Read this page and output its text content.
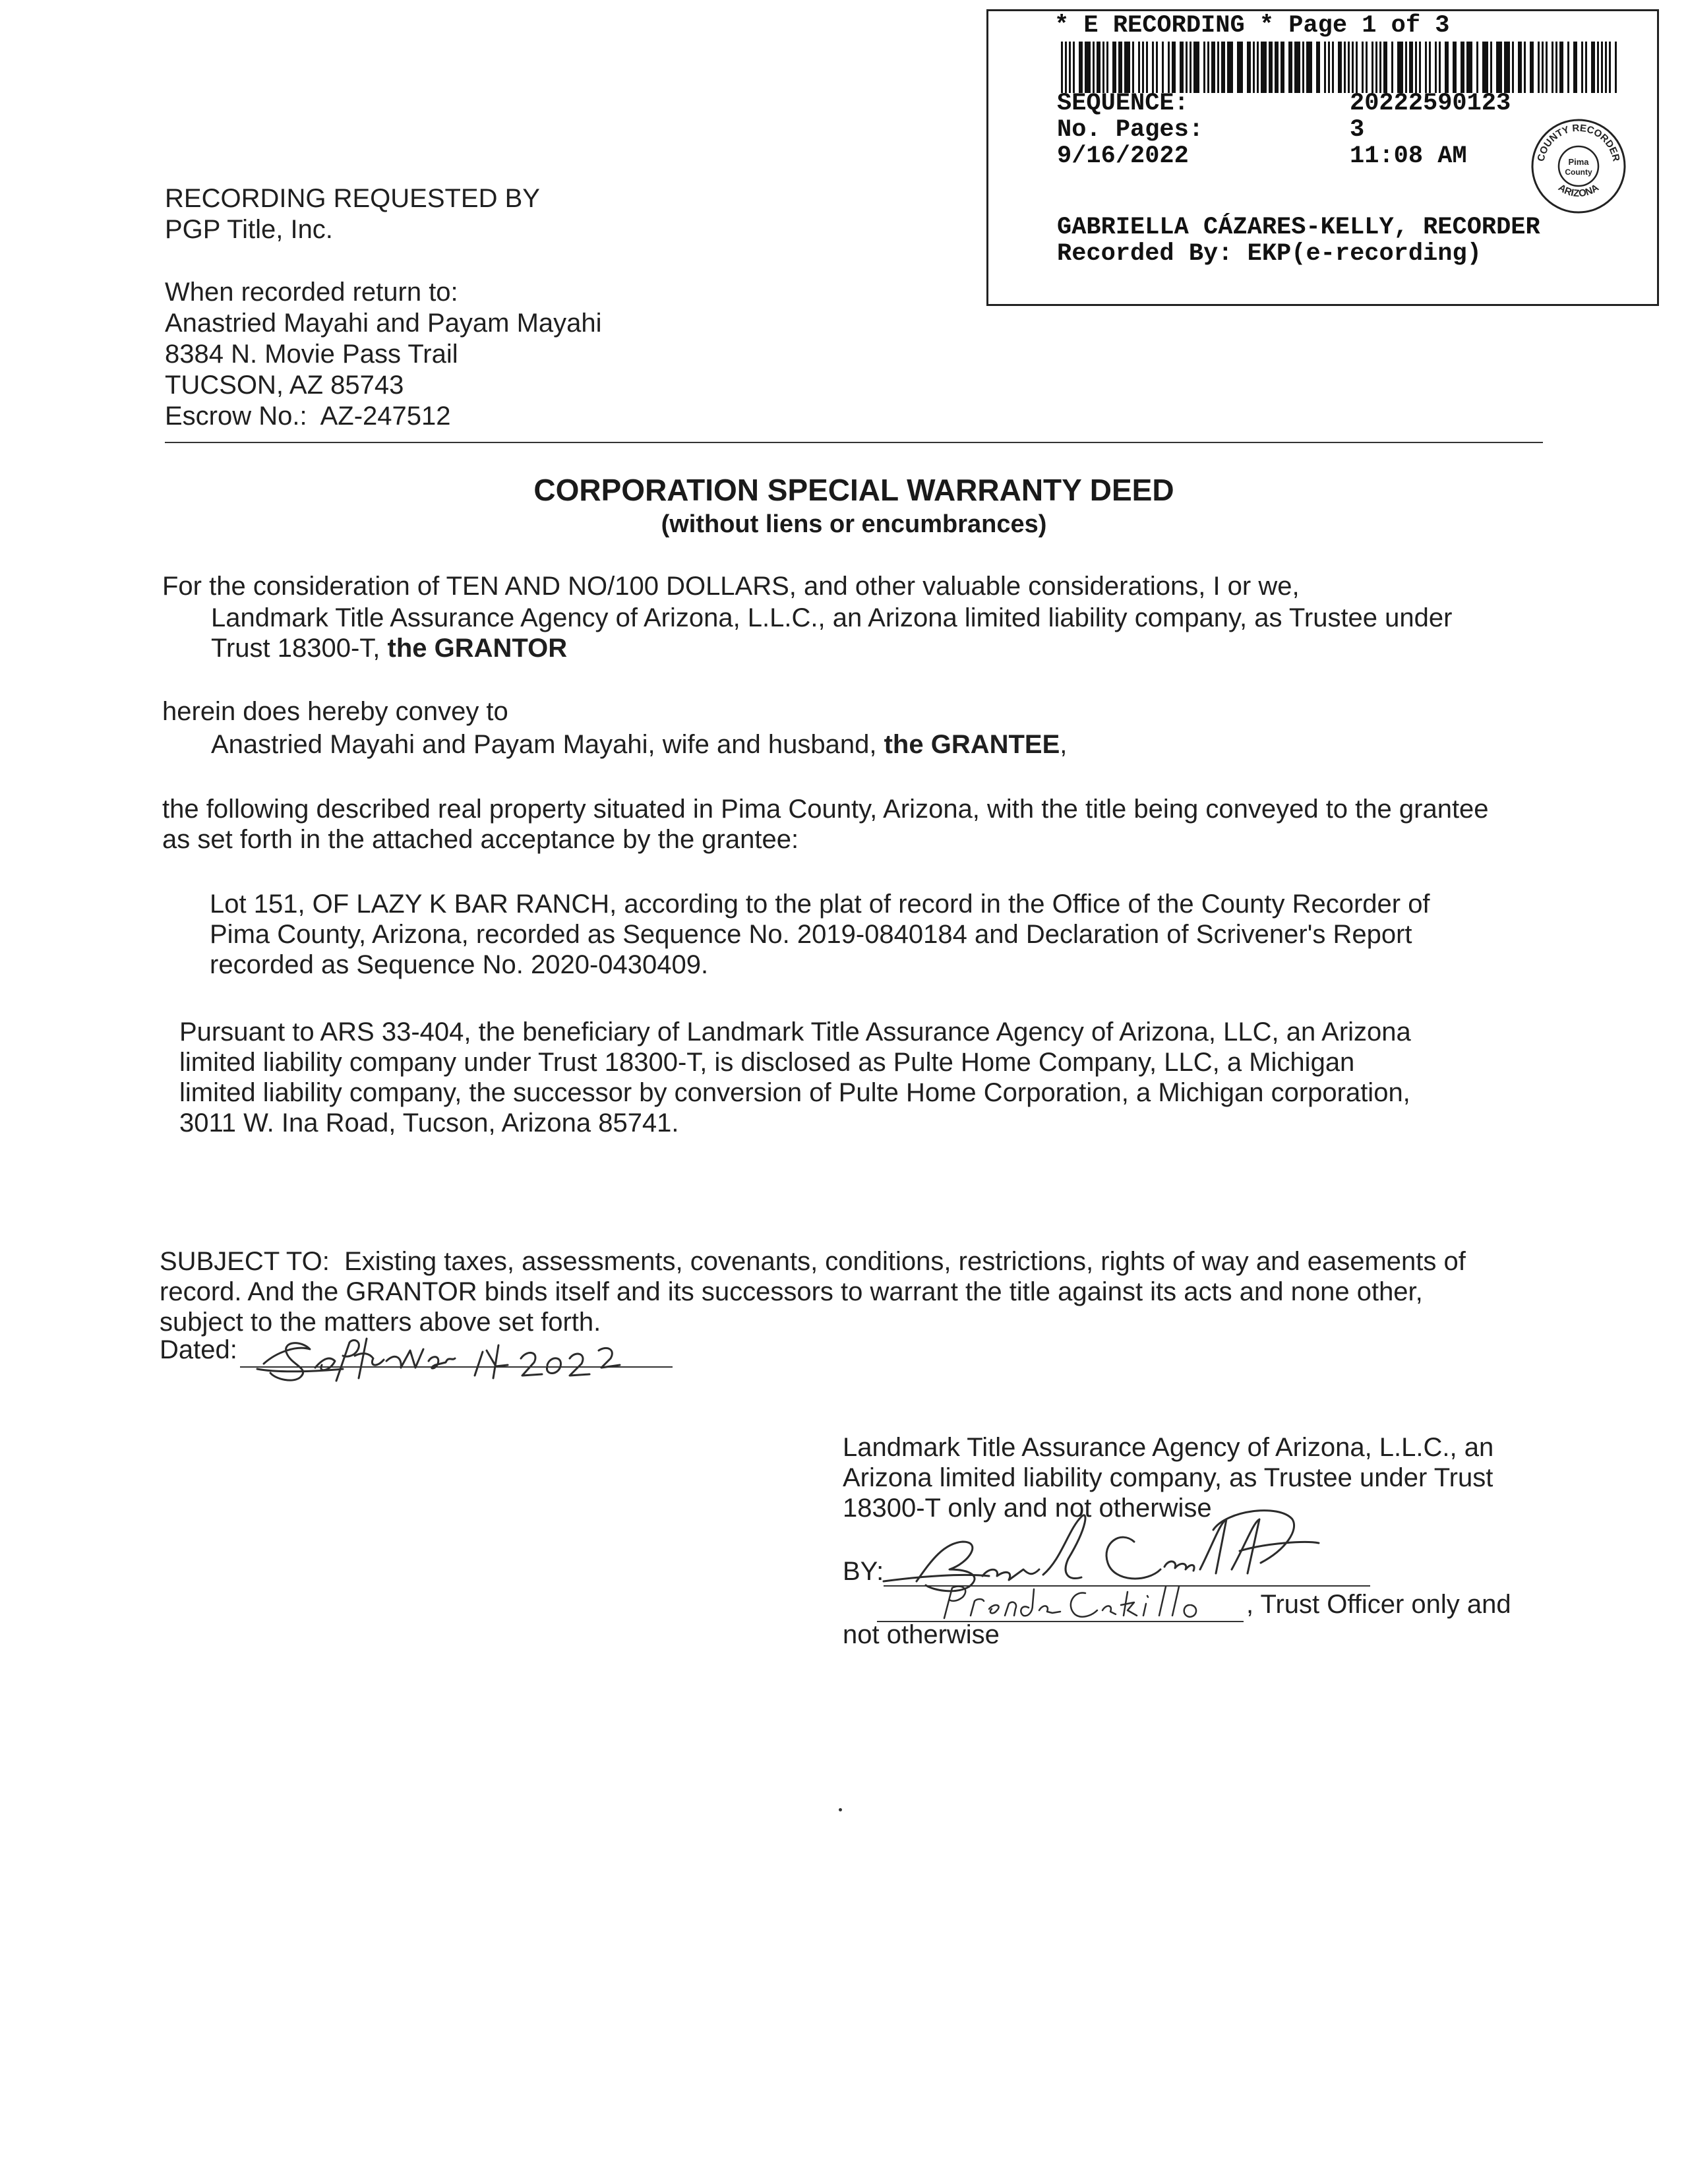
* E RECORDING * Page 1 of 3
SEQUENCE:	20222590123
No. Pages:	3
9/16/2022	11:08 AM
GABRIELLA CÁZARES-KELLY, RECORDER
Recorded By: EKP(e-recording)
COUNTY RECORDER
ARIZONA
Pima
County
RECORDING REQUESTED BY
PGP Title, Inc.
When recorded return to:
Anastried Mayahi and Payam Mayahi
8384 N. Movie Pass Trail
TUCSON, AZ 85743
Escrow No.:  AZ-247512
CORPORATION SPECIAL WARRANTY DEED
(without liens or encumbrances)
For the consideration of TEN AND NO/100 DOLLARS, and other valuable considerations, I or we,
Landmark Title Assurance Agency of Arizona, L.L.C., an Arizona limited liability company, as Trustee under
Trust 18300-T, the GRANTOR
herein does hereby convey to
Anastried Mayahi and Payam Mayahi, wife and husband, the GRANTEE,
the following described real property situated in Pima County, Arizona, with the title being conveyed to the grantee
as set forth in the attached acceptance by the grantee:
Lot 151, OF LAZY K BAR RANCH, according to the plat of record in the Office of the County Recorder of
Pima County, Arizona, recorded as Sequence No. 2019-0840184 and Declaration of Scrivener's Report
recorded as Sequence No. 2020-0430409.
Pursuant to ARS 33-404, the beneficiary of Landmark Title Assurance Agency of Arizona, LLC, an Arizona
limited liability company under Trust 18300-T, is disclosed as Pulte Home Company, LLC, a Michigan
limited liability company, the successor by conversion of Pulte Home Corporation, a Michigan corporation,
3011 W. Ina Road, Tucson, Arizona 85741.
SUBJECT TO:  Existing taxes, assessments, covenants, conditions, restrictions, rights of way and easements of
record. And the GRANTOR binds itself and its successors to warrant the title against its acts and none other,
subject to the matters above set forth.
Dated:
Landmark Title Assurance Agency of Arizona, L.L.C., an
Arizona limited liability company, as Trustee under Trust
18300-T only and not otherwise
BY:
, Trust Officer only and
not otherwise
